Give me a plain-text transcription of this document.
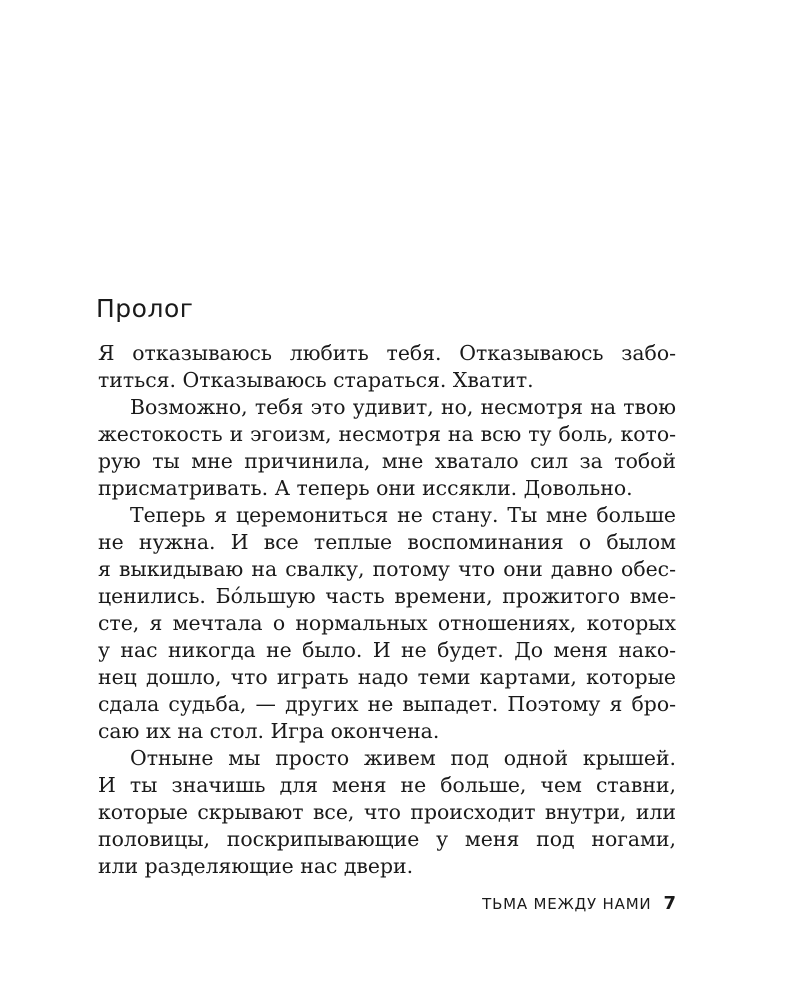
Пролог
Я отказываюсь любить тебя. Отказываюсь забо-
титься. Отказываюсь стараться. Хватит.
Возможно, тебя это удивит, но, несмотря на твою
жестокость и эгоизм, несмотря на всю ту боль, кото-
рую ты мне причинила, мне хватало сил за тобой
присматривать. А теперь они иссякли. Довольно.
Теперь я церемониться не стану. Ты мне больше
не нужна. И все теплые воспоминания о былом
я выкидываю на свалку, потому что они давно обес-
ценились. Бóльшую часть времени, прожитого вме-
сте, я мечтала о нормальных отношениях, которых
у нас никогда не было. И не будет. До меня нако-
нец дошло, что играть надо теми картами, которые
сдала судьба, — других не выпадет. Поэтому я бро-
саю их на стол. Игра окончена.
Отныне мы просто живем под одной крышей.
И ты значишь для меня не больше, чем ставни,
которые скрывают все, что происходит внутри, или
половицы, поскрипывающие у меня под ногами,
или разделяющие нас двери.
ТЬМА МЕЖДУ НАМИ 7
